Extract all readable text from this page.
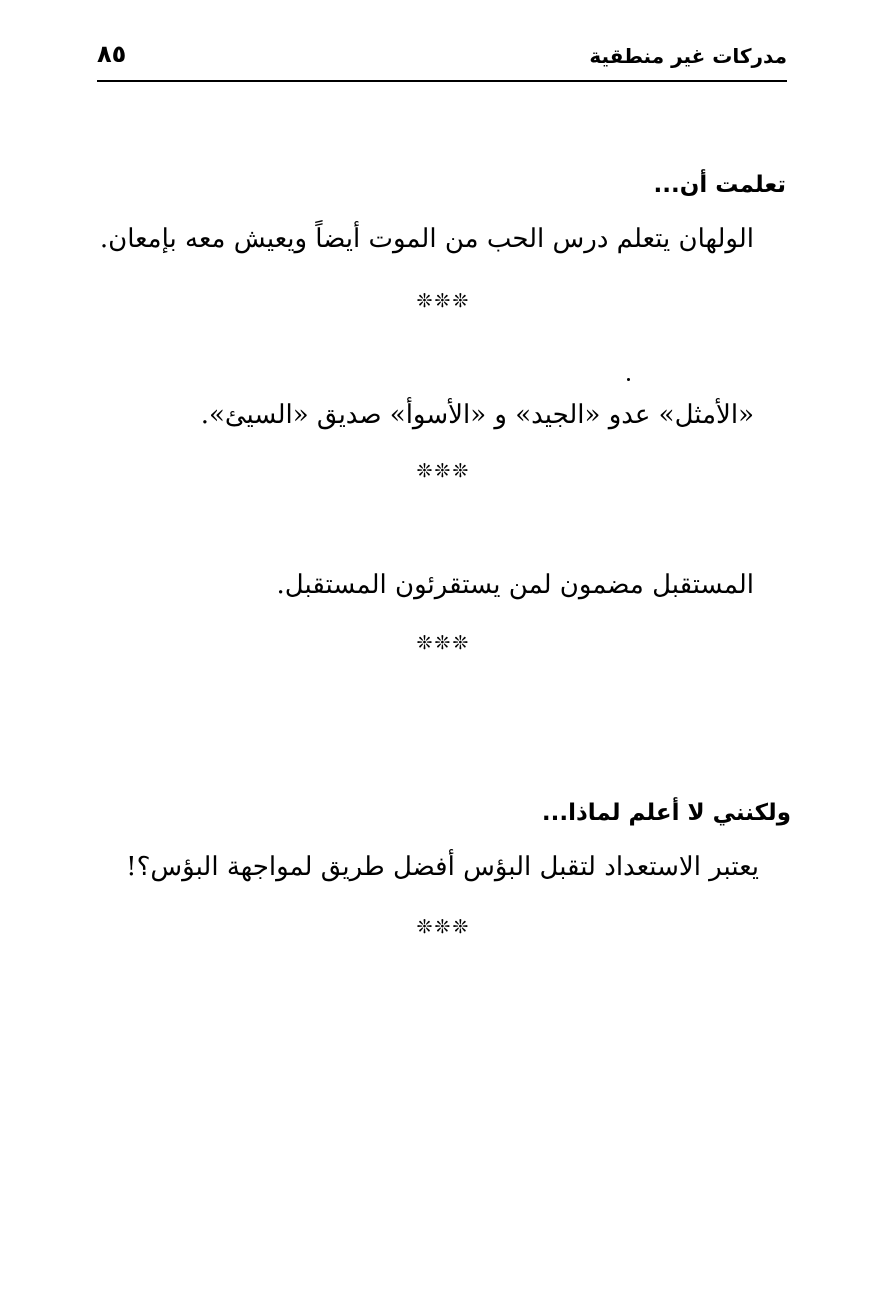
مدركات غير منطقية
٨٥
تعلمت أن...
الولهان يتعلم درس الحب من الموت أيضاً ويعيش معه بإمعان.
❊❊❊
«الأمثل» عدو «الجيد» و «الأسوأ» صديق «السيئ».
❊❊❊
المستقبل مضمون لمن يستقرئون المستقبل.
❊❊❊
ولكنني لا أعلم لماذا...
يعتبر الاستعداد لتقبل البؤس أفضل طريق لمواجهة البؤس؟!
❊❊❊
